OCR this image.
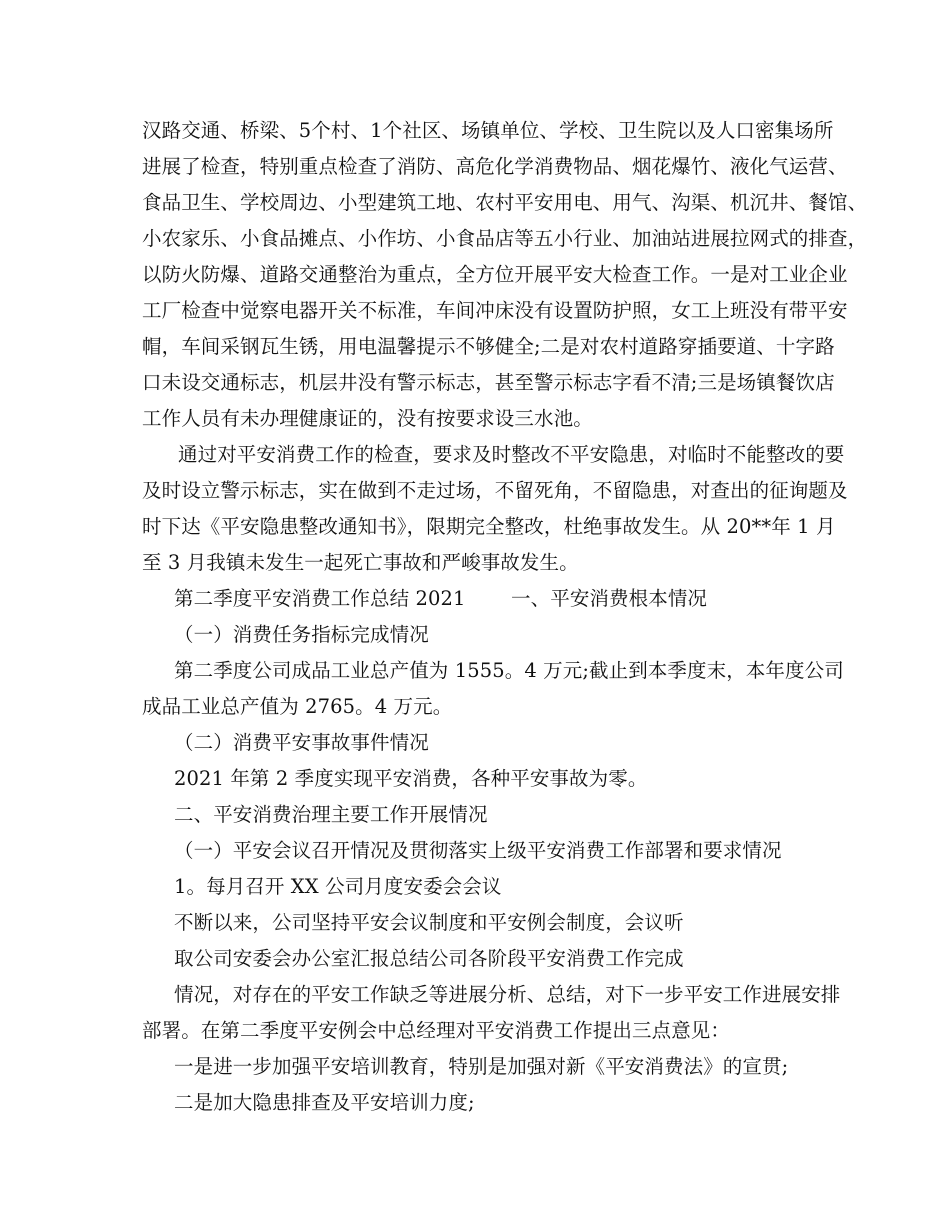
汉路交通、桥梁、5个村、1个社区、场镇单位、学校、卫生院以及人口密集场所
进展了检查，特别重点检查了消防、高危化学消费物品、烟花爆竹、液化气运营、
食品卫生、学校周边、小型建筑工地、农村平安用电、用气、沟渠、机沉井、餐馆、
小农家乐、小食品摊点、小作坊、小食品店等五小行业、加油站进展拉网式的排查，
以防火防爆、道路交通整治为重点，全方位开展平安大检查工作。一是对工业企业
工厂检查中觉察电器开关不标准，车间冲床没有设置防护照，女工上班没有带平安
帽，车间采钢瓦生锈，用电温馨提示不够健全;二是对农村道路穿插要道、十字路
口未设交通标志，机层井没有警示标志，甚至警示标志字看不清;三是场镇餐饮店
工作人员有未办理健康证的，没有按要求设三水池。
通过对平安消费工作的检查，要求及时整改不平安隐患，对临时不能整改的要
及时设立警示标志，实在做到不走过场，不留死角，不留隐患，对查出的征询题及
时下达《平安隐患整改通知书》，限期完全整改，杜绝事故发生。从 20**年 1 月
至 3 月我镇未发生一起死亡事故和严峻事故发生。
第二季度平安消费工作总结 2021　　 一、平安消费根本情况
（一）消费任务指标完成情况
第二季度公司成品工业总产值为 1555。4 万元;截止到本季度末，本年度公司
成品工业总产值为 2765。4 万元。
（二）消费平安事故事件情况
2021 年第 2 季度实现平安消费，各种平安事故为零。
二、平安消费治理主要工作开展情况
（一）平安会议召开情况及贯彻落实上级平安消费工作部署和要求情况
1。每月召开 XX 公司月度安委会会议
不断以来，公司坚持平安会议制度和平安例会制度，会议听
取公司安委会办公室汇报总结公司各阶段平安消费工作完成
情况，对存在的平安工作缺乏等进展分析、总结，对下一步平安工作进展安排
部署。在第二季度平安例会中总经理对平安消费工作提出三点意见：
一是进一步加强平安培训教育，特别是加强对新《平安消费法》的宣贯;
二是加大隐患排查及平安培训力度;
